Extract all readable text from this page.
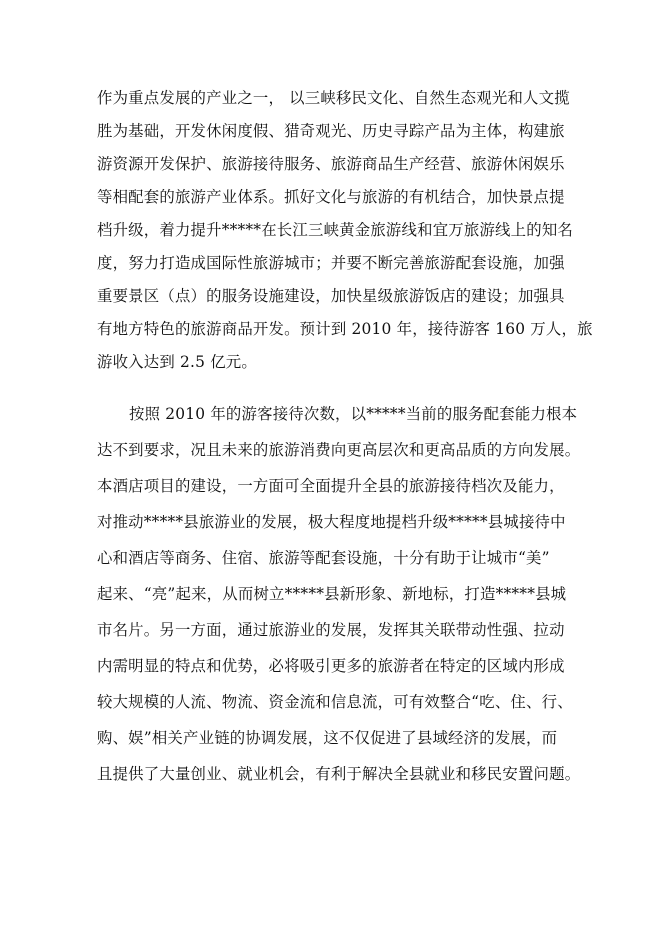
作为重点发展的产业之一， 以三峡移民文化、自然生态观光和人文揽
胜为基础，开发休闲度假、猎奇观光、历史寻踪产品为主体，构建旅
游资源开发保护、旅游接待服务、旅游商品生产经营、旅游休闲娱乐
等相配套的旅游产业体系。抓好文化与旅游的有机结合，加快景点提
档升级，着力提升*****在长江三峡黄金旅游线和宜万旅游线上的知名
度，努力打造成国际性旅游城市；并要不断完善旅游配套设施，加强
重要景区（点）的服务设施建设，加快星级旅游饭店的建设；加强具
有地方特色的旅游商品开发。预计到 2010 年，接待游客 160 万人，旅
游收入达到 2.5 亿元。
按照 2010 年的游客接待次数，以*****当前的服务配套能力根本
达不到要求，况且未来的旅游消费向更高层次和更高品质的方向发展。
本酒店项目的建设，一方面可全面提升全县的旅游接待档次及能力，
对推动*****县旅游业的发展，极大程度地提档升级*****县城接待中
心和酒店等商务、住宿、旅游等配套设施，十分有助于让城市“美”
起来、“亮”起来，从而树立*****县新形象、新地标，打造*****县城
市名片。另一方面，通过旅游业的发展，发挥其关联带动性强、拉动
内需明显的特点和优势，必将吸引更多的旅游者在特定的区域内形成
较大规模的人流、物流、资金流和信息流，可有效整合“吃、住、行、
购、娱”相关产业链的协调发展，这不仅促进了县域经济的发展，而
且提供了大量创业、就业机会，有利于解决全县就业和移民安置问题。
